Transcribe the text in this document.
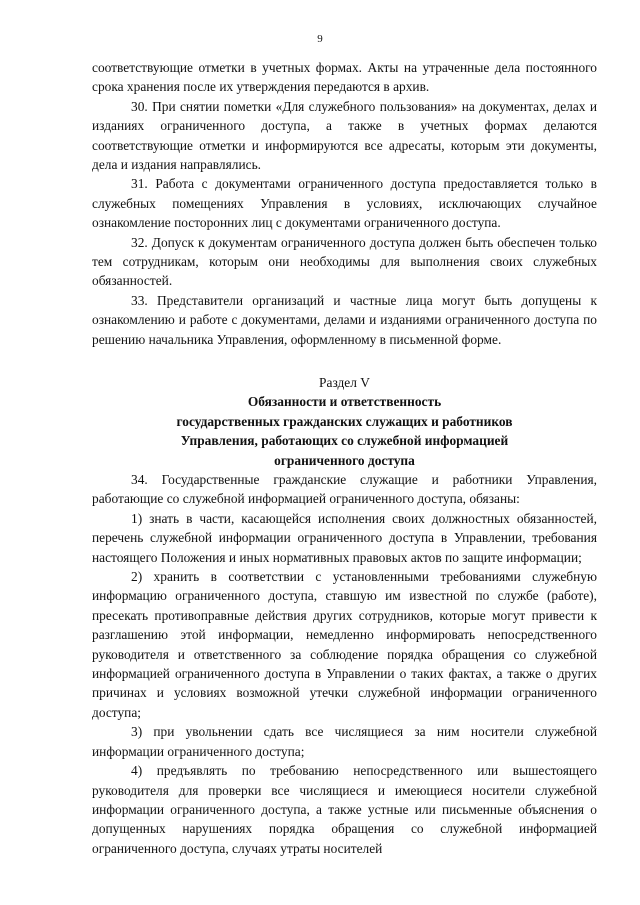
9

соответствующие отметки в учетных формах. Акты на утраченные дела постоянного срока хранения после их утверждения передаются в архив.

30. При снятии пометки «Для служебного пользования» на документах, делах и изданиях ограниченного доступа, а также в учетных формах делаются соответствующие отметки и информируются все адресаты, которым эти документы, дела и издания направлялись.

31. Работа с документами ограниченного доступа предоставляется только в служебных помещениях Управления в условиях, исключающих случайное ознакомление посторонних лиц с документами ограниченного доступа.

32. Допуск к документам ограниченного доступа должен быть обеспечен только тем сотрудникам, которым они необходимы для выполнения своих служебных обязанностей.

33. Представители организаций и частные лица могут быть допущены к ознакомлению и работе с документами, делами и изданиями ограниченного доступа по решению начальника Управления, оформленному в письменной форме.

Раздел V
Обязанности и ответственность
государственных гражданских служащих и работников
Управления, работающих со служебной информацией
ограниченного доступа

34. Государственные гражданские служащие и работники Управления, работающие со служебной информацией ограниченного доступа, обязаны:

1) знать в части, касающейся исполнения своих должностных обязанностей, перечень служебной информации ограниченного доступа в Управлении, требования настоящего Положения и иных нормативных правовых актов по защите информации;

2) хранить в соответствии с установленными требованиями служебную информацию ограниченного доступа, ставшую им известной по службе (работе), пресекать противоправные действия других сотрудников, которые могут привести к разглашению этой информации, немедленно информировать непосредственного руководителя и ответственного за соблюдение порядка обращения со служебной информацией ограниченного доступа в Управлении о таких фактах, а также о других причинах и условиях возможной утечки служебной информации ограниченного доступа;

3) при увольнении сдать все числящиеся за ним носители служебной информации ограниченного доступа;

4) предъявлять по требованию непосредственного или вышестоящего руководителя для проверки все числящиеся и имеющиеся носители служебной информации ограниченного доступа, а также устные или письменные объяснения о допущенных нарушениях порядка обращения со служебной информацией ограниченного доступа, случаях утраты носителей
